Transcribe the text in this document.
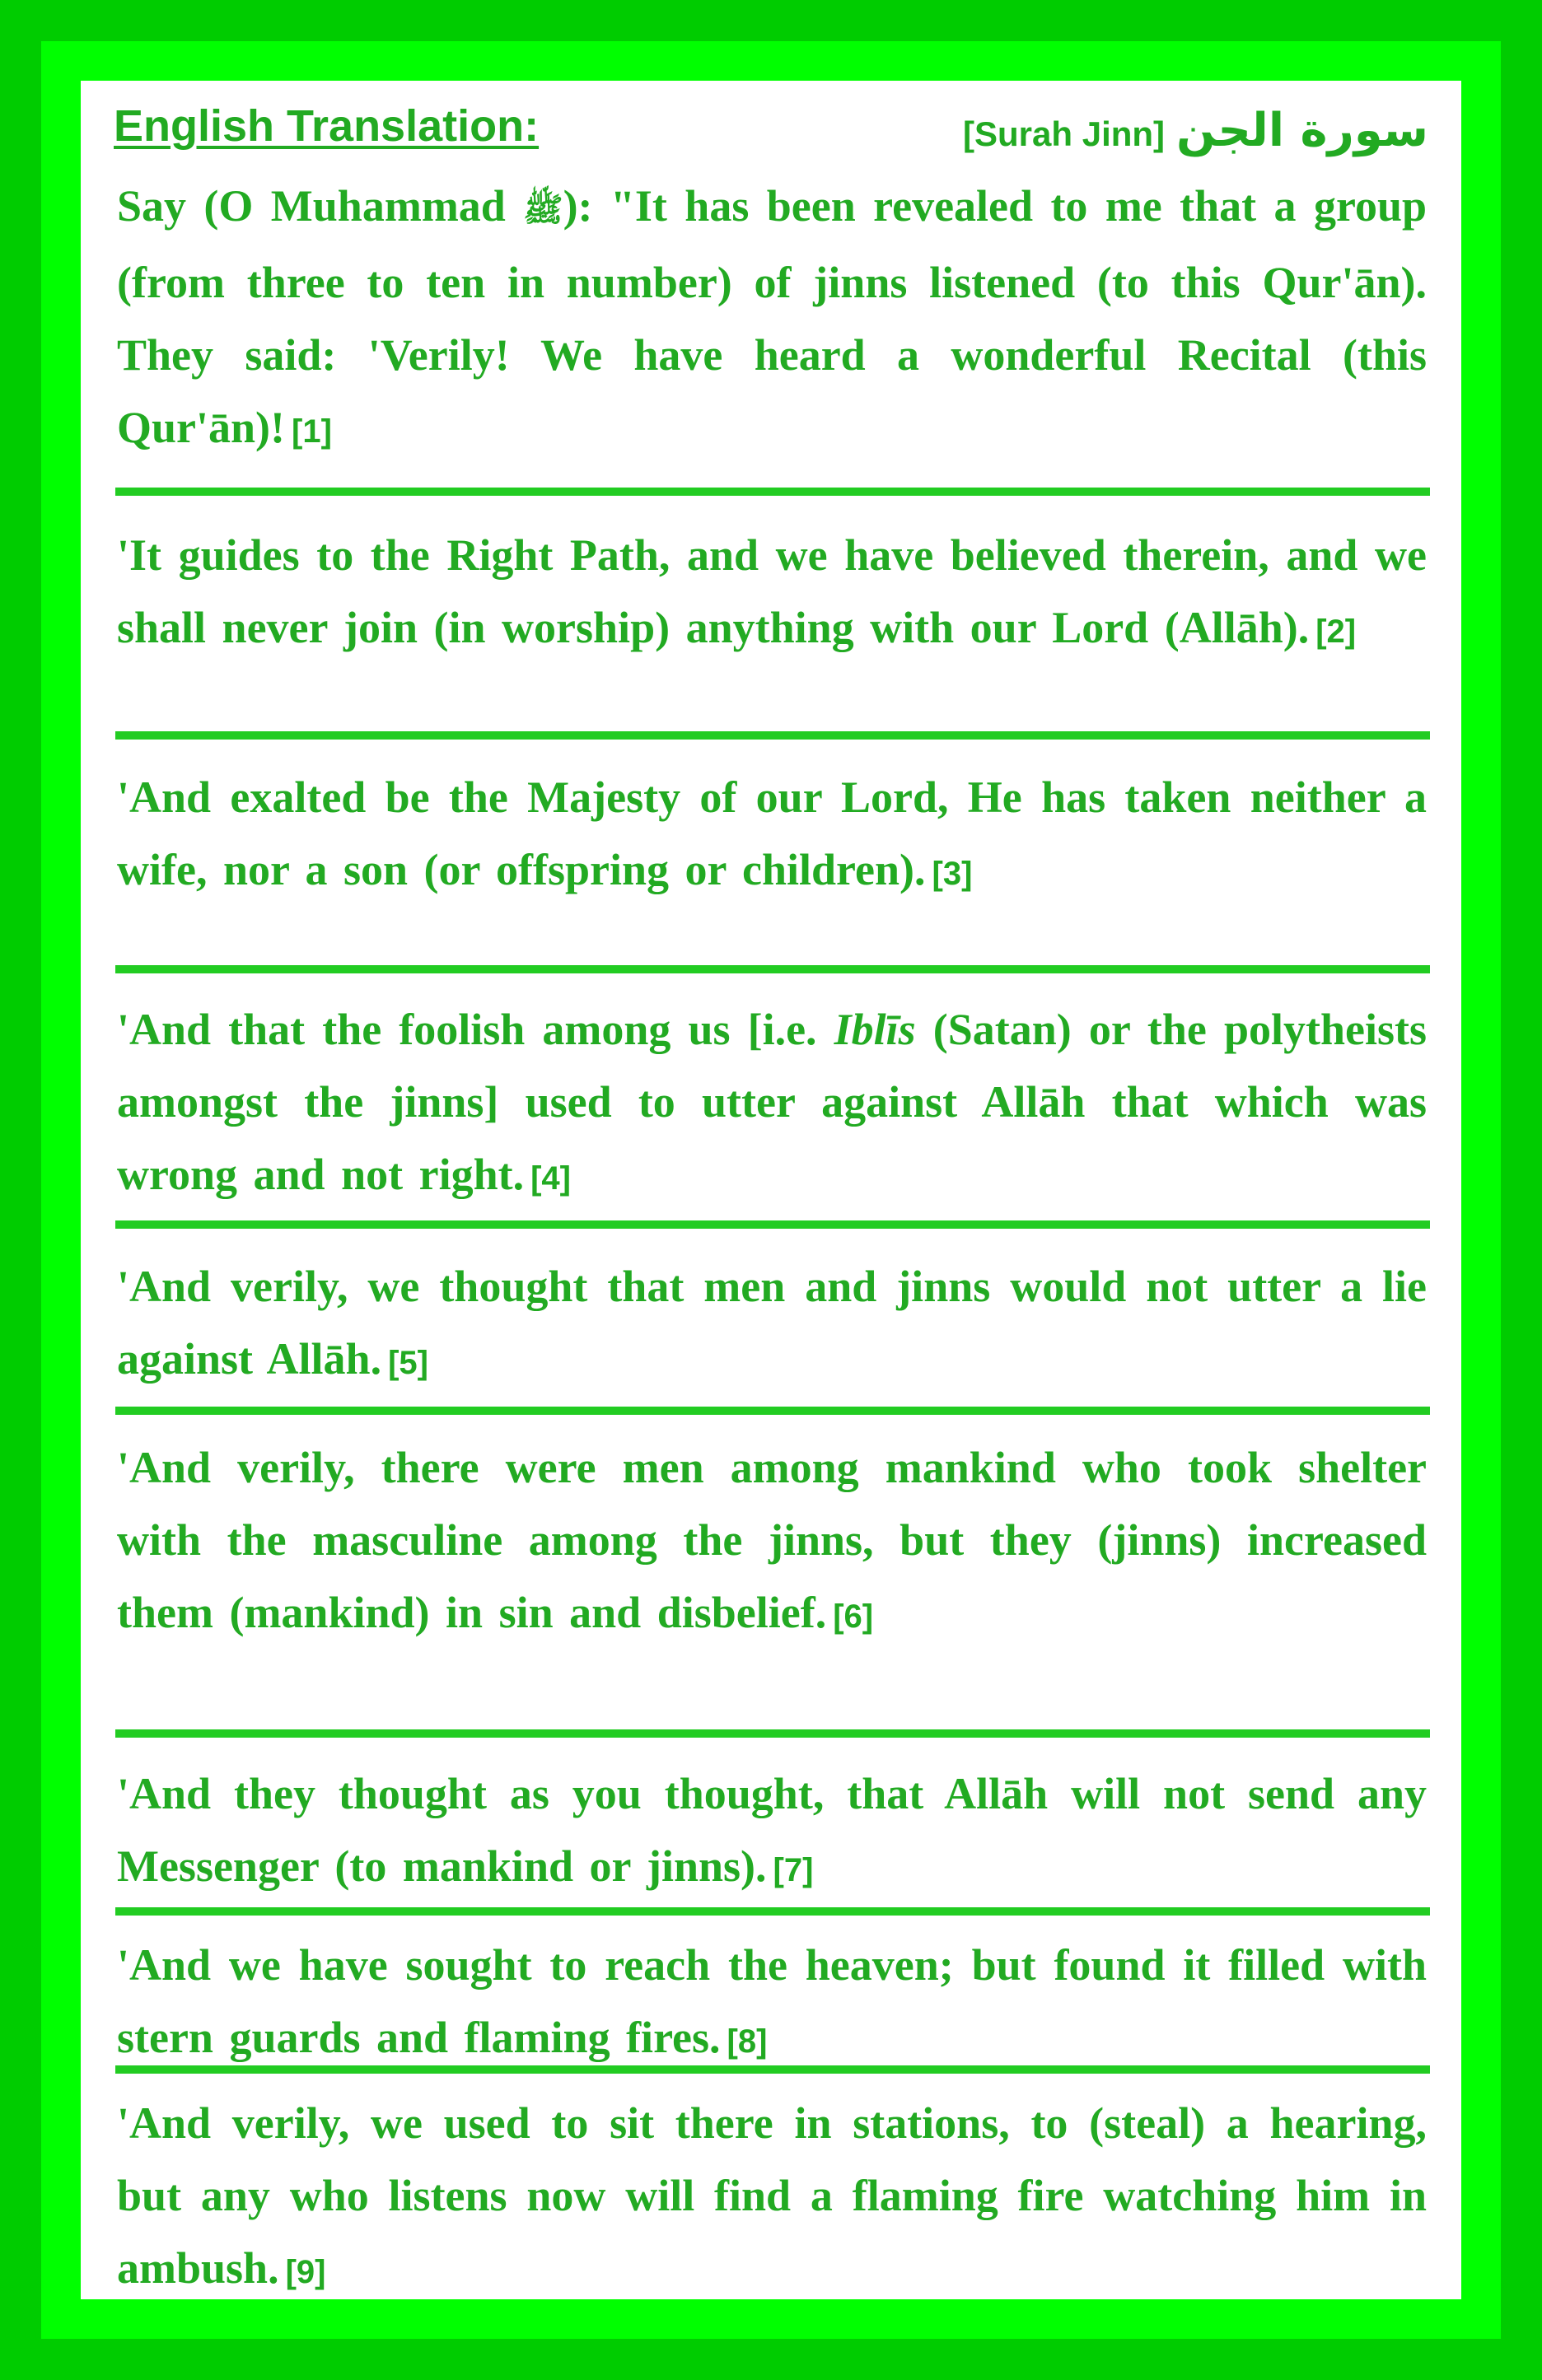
English Translation:	[Surah Jinn] سورة الجن
Say (O Muhammad ﷺ): "It has been revealed to me that a group (from three to ten in number) of jinns listened (to this Qur'ān). They said: 'Verily! We have heard a wonderful Recital (this Qur'ān)! [1]
'It guides to the Right Path, and we have believed therein, and we shall never join (in worship) anything with our Lord (Allāh). [2]
'And exalted be the Majesty of our Lord, He has taken neither a wife, nor a son (or offspring or children). [3]
'And that the foolish among us [i.e. Iblīs (Satan) or the polytheists amongst the jinns] used to utter against Allāh that which was wrong and not right. [4]
'And verily, we thought that men and jinns would not utter a lie against Allāh. [5]
'And verily, there were men among mankind who took shelter with the masculine among the jinns, but they (jinns) increased them (mankind) in sin and disbelief. [6]
'And they thought as you thought, that Allāh will not send any Messenger (to mankind or jinns). [7]
'And we have sought to reach the heaven; but found it filled with stern guards and flaming fires. [8]
'And verily, we used to sit there in stations, to (steal) a hearing, but any who listens now will find a flaming fire watching him in ambush. [9]
